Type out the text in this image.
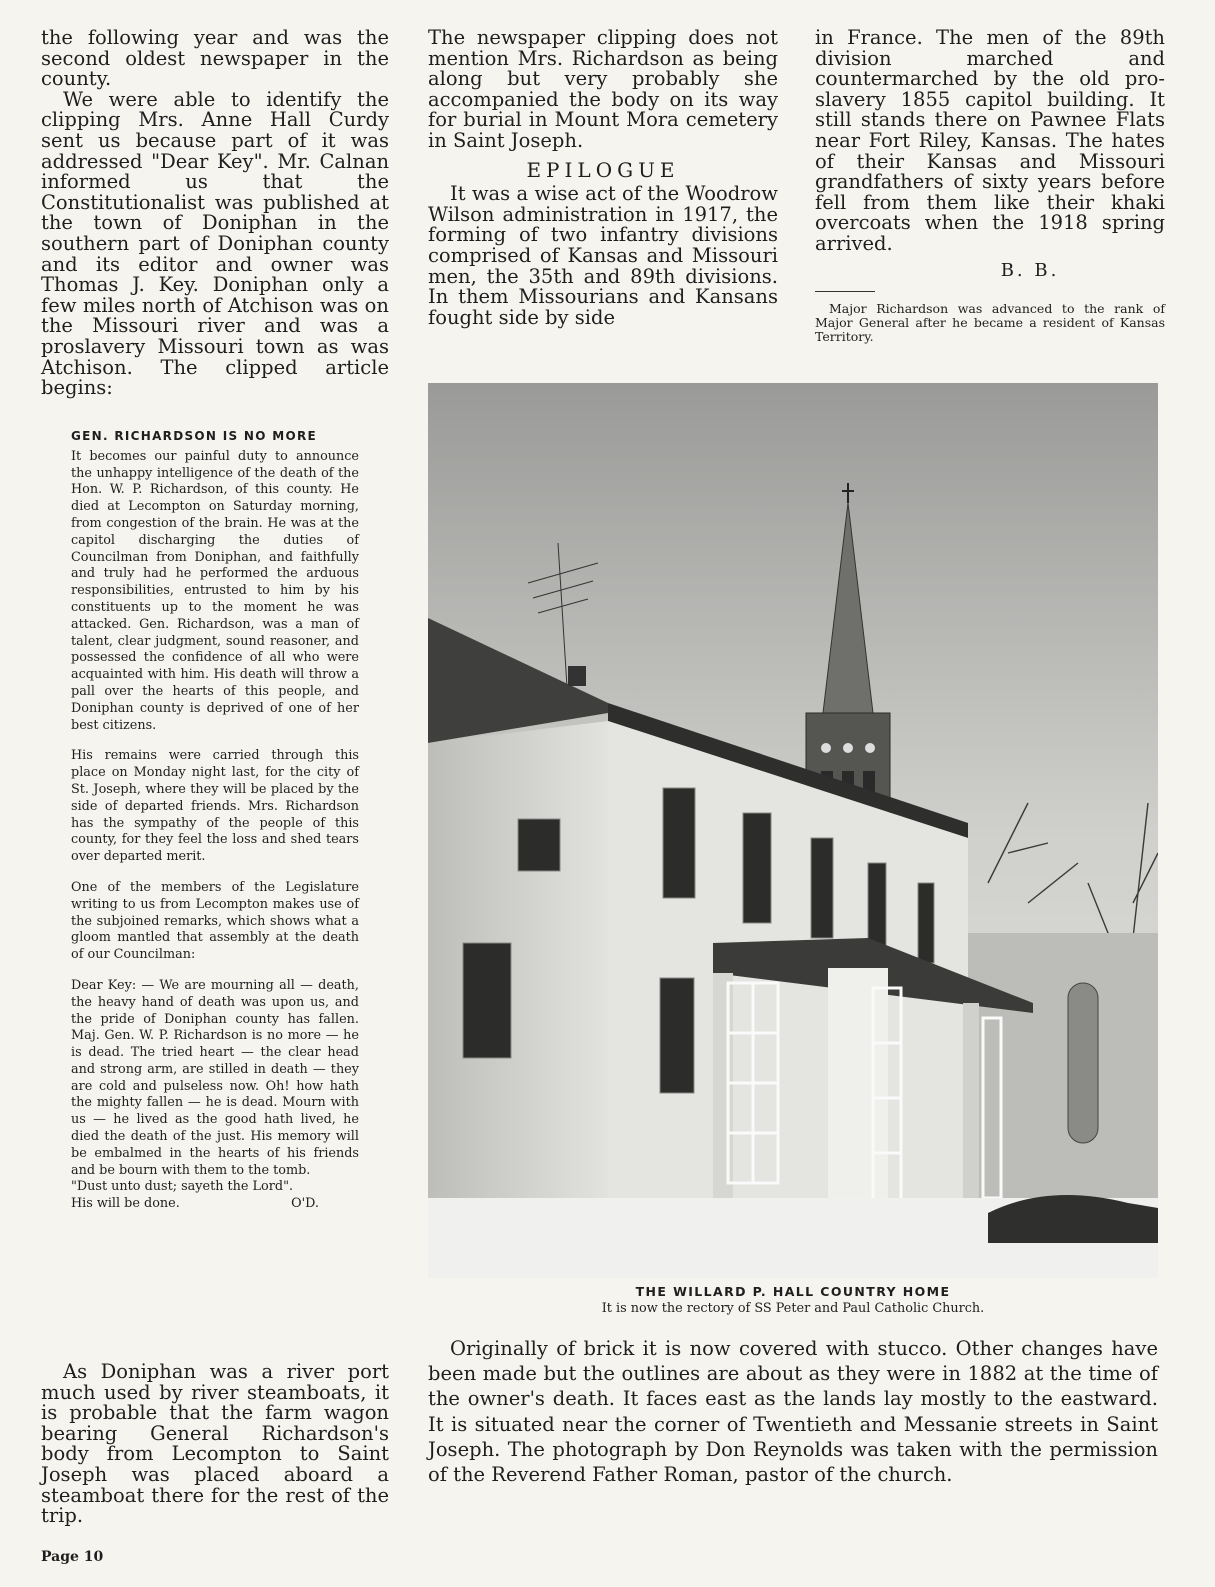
the following year and was the second oldest newspaper in the county.

We were able to identify the clipping Mrs. Anne Hall Curdy sent us because part of it was addressed "Dear Key". Mr. Calnan informed us that the Constitutionalist was published at the town of Doniphan in the southern part of Doniphan county and its editor and owner was Thomas J. Key. Doniphan only a few miles north of Atchison was on the Missouri river and was a proslavery Missouri town as was Atchison. The clipped article begins:

GEN. RICHARDSON IS NO MORE

It becomes our painful duty to announce the unhappy intelligence of the death of the Hon. W. P. Richardson, of this county. He died at Lecompton on Saturday morning, from congestion of the brain. He was at the capitol discharging the duties of Councilman from Doniphan, and faithfully and truly had he performed the arduous responsibilities, entrusted to him by his constituents up to the moment he was attacked. Gen. Richardson, was a man of talent, clear judgment, sound reasoner, and possessed the confidence of all who were acquainted with him. His death will throw a pall over the hearts of this people, and Doniphan county is deprived of one of her best citizens.

His remains were carried through this place on Monday night last, for the city of St. Joseph, where they will be placed by the side of departed friends. Mrs. Richardson has the sympathy of the people of this county, for they feel the loss and shed tears over departed merit.

One of the members of the Legislature writing to us from Lecompton makes use of the subjoined remarks, which shows what a gloom mantled that assembly at the death of our Councilman:

Dear Key: — We are mourning all — death, the heavy hand of death was upon us, and the pride of Doniphan county has fallen. Maj. Gen. W. P. Richardson is no more — he is dead. The tried heart — the clear head and strong arm, are stilled in death — they are cold and pulseless now. Oh! how hath the mighty fallen — he is dead. Mourn with us — he lived as the good hath lived, he died the death of the just. His memory will be embalmed in the hearts of his friends and be bourn with them to the tomb.

"Dust unto dust; sayeth the Lord".

His will be done.	O'D.

As Doniphan was a river port much used by river steamboats, it is probable that the farm wagon bearing General Richardson's body from Lecompton to Saint Joseph was placed aboard a steamboat there for the rest of the trip.

The newspaper clipping does not mention Mrs. Richardson as being along but very probably she accompanied the body on its way for burial in Mount Mora cemetery in Saint Joseph.

EPILOGUE

It was a wise act of the Woodrow Wilson administration in 1917, the forming of two infantry divisions comprised of Kansas and Missouri men, the 35th and 89th divisions. In them Missourians and Kansans fought side by side

in France. The men of the 89th division marched and countermarched by the old pro-slavery 1855 capitol building. It still stands there on Pawnee Flats near Fort Riley, Kansas. The hates of their Kansas and Missouri grandfathers of sixty years before fell from them like their khaki overcoats when the 1918 spring arrived.

B. B.
Major Richardson was advanced to the rank of Major General after he became a resident of Kansas Territory.
THE WILLARD P. HALL COUNTRY HOME
It is now the rectory of SS Peter and Paul Catholic Church.

Originally of brick it is now covered with stucco. Other changes have been made but the outlines are about as they were in 1882 at the time of the owner's death. It faces east as the lands lay mostly to the eastward. It is situated near the corner of Twentieth and Messanie streets in Saint Joseph. The photograph by Don Reynolds was taken with the permission of the Reverend Father Roman, pastor of the church.

Page 10
